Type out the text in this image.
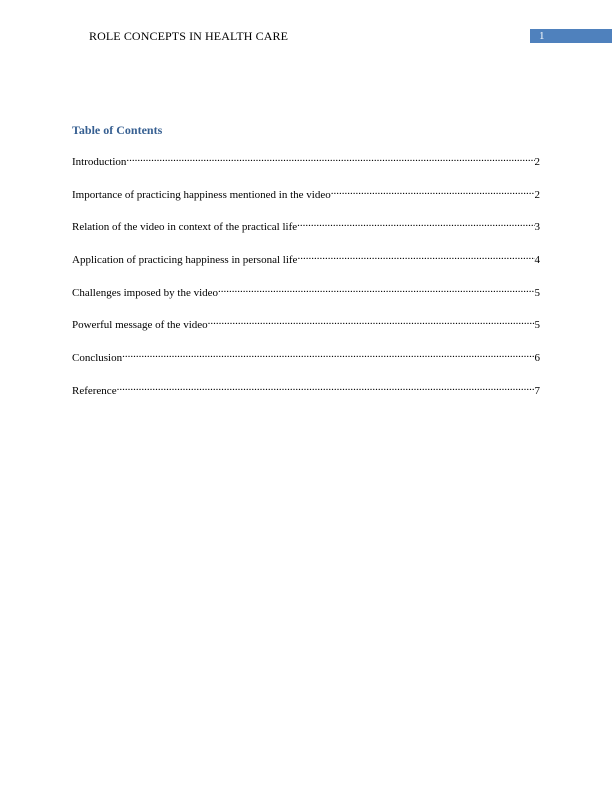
ROLE CONCEPTS IN HEALTH CARE	1
Table of Contents
Introduction .....	2
Importance of practicing happiness mentioned in the video .....	2
Relation of the video in context of the practical life .....	3
Application of practicing happiness in personal life .....	4
Challenges imposed by the video .....	5
Powerful message of the video .....	5
Conclusion .....	6
Reference .....	7
